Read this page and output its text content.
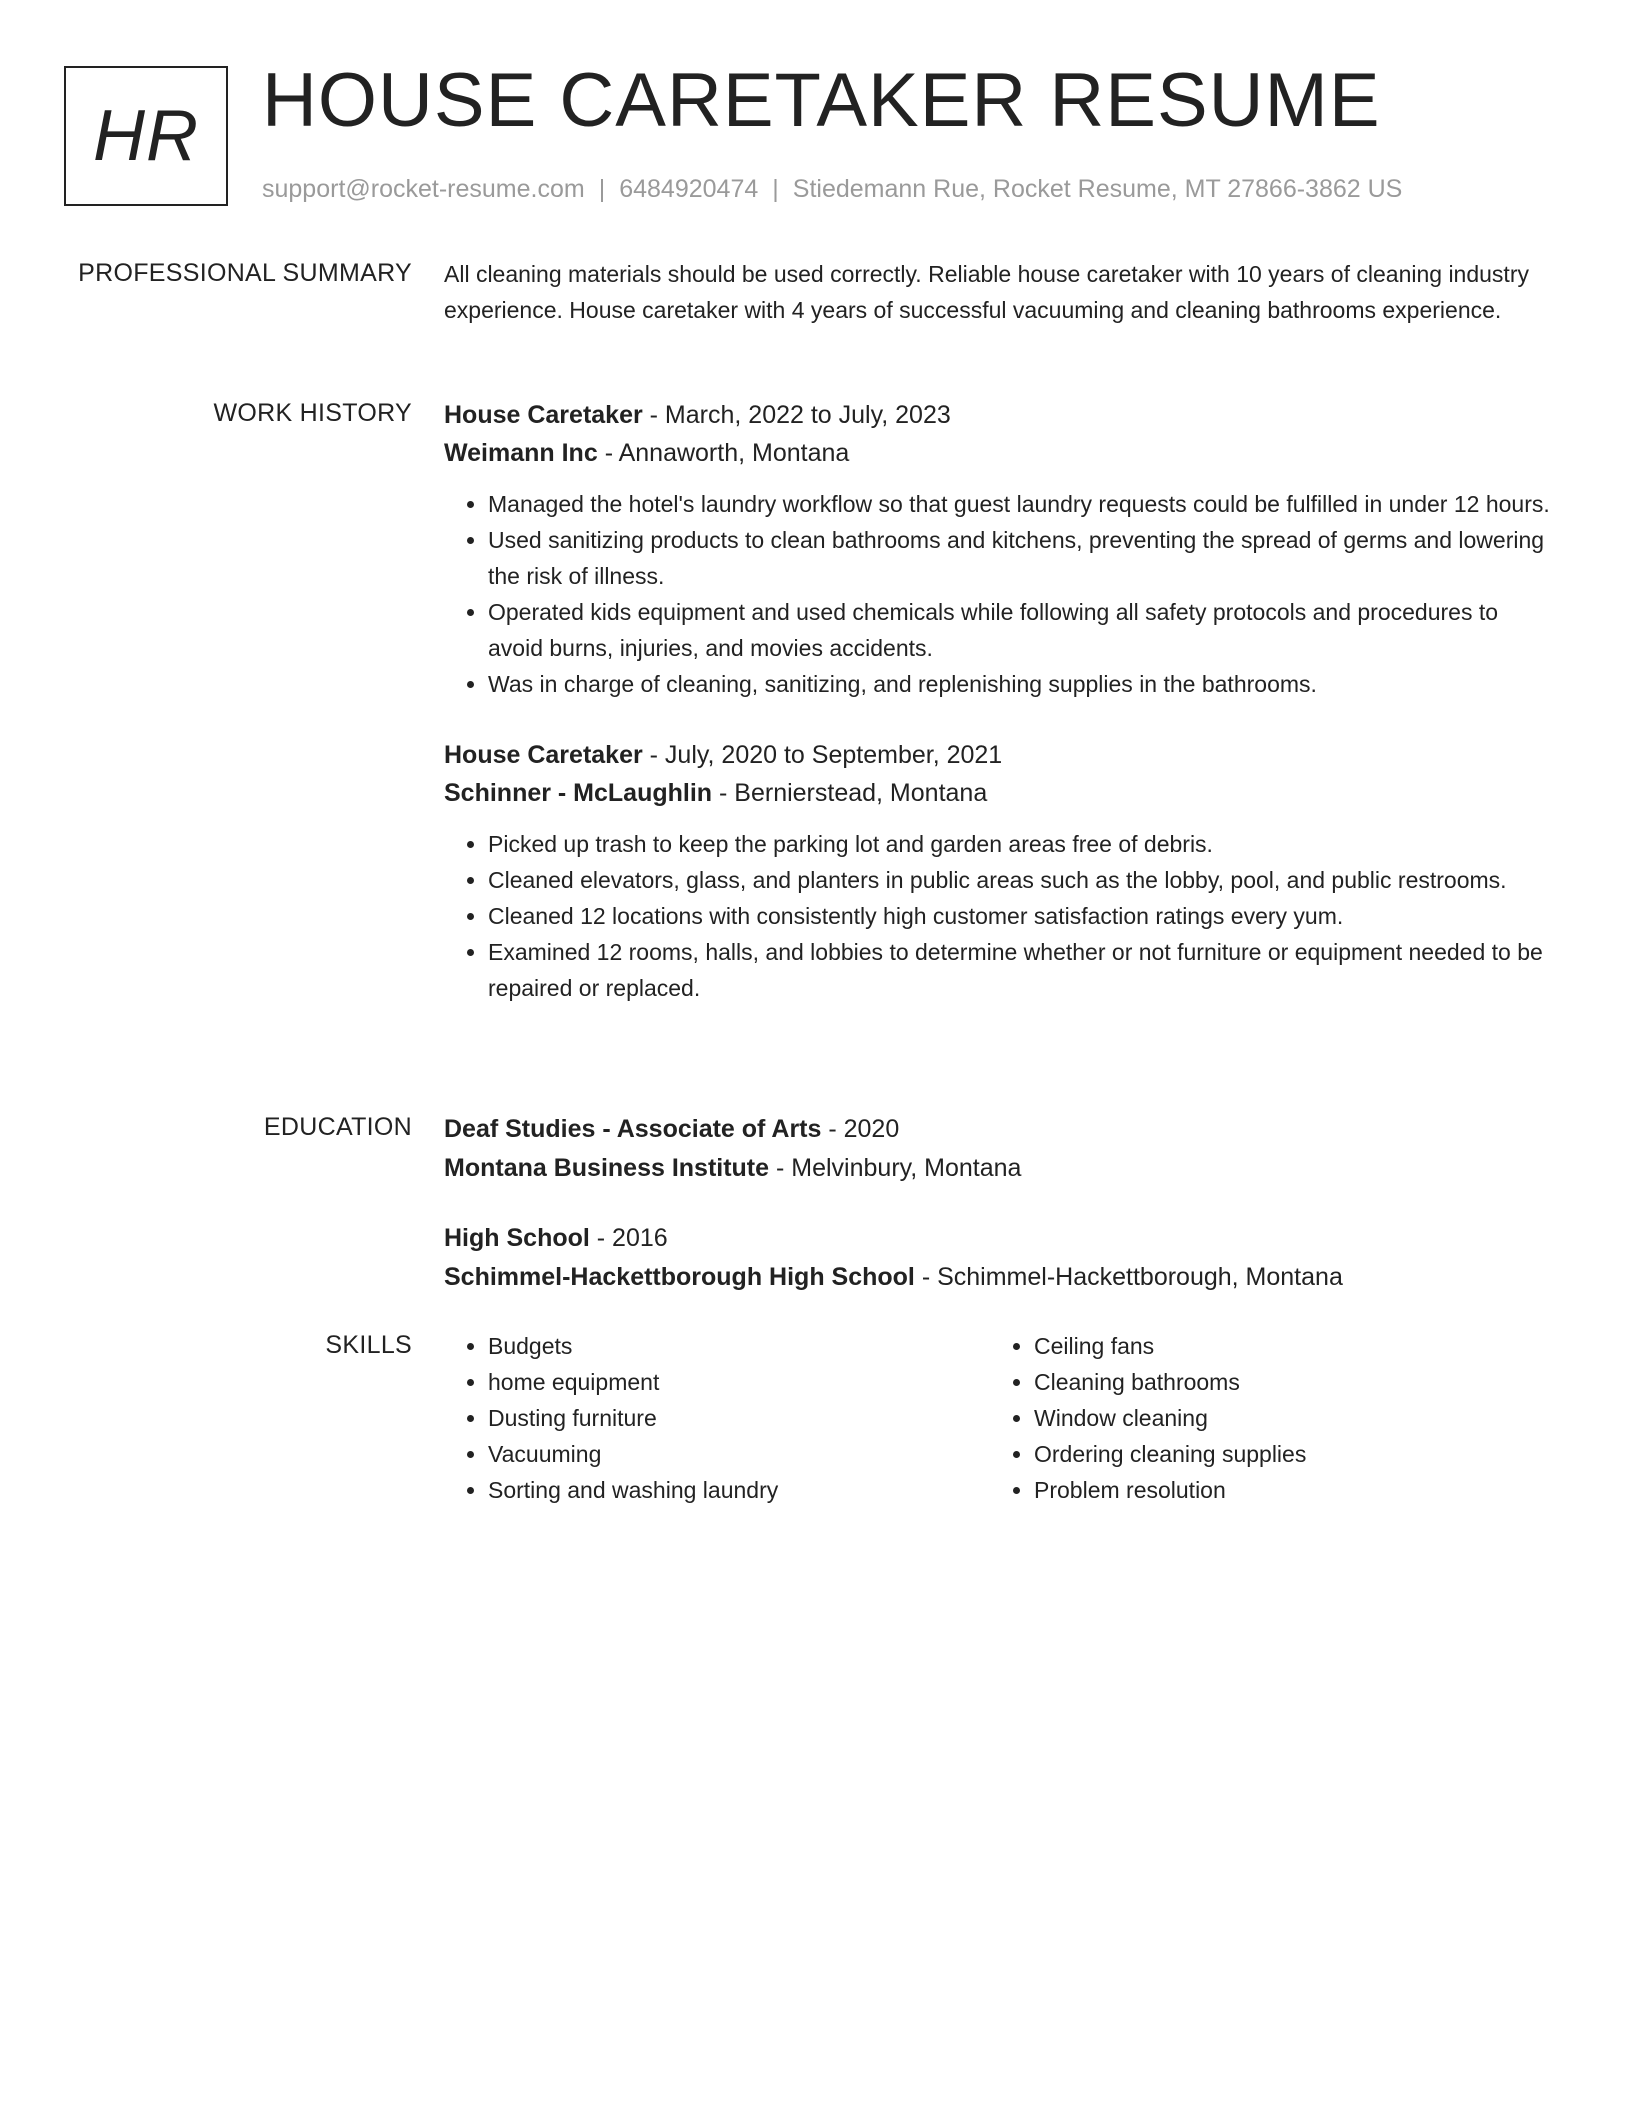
HR HOUSE CARETAKER RESUME
support@rocket-resume.com | 6484920474 | Stiedemann Rue, Rocket Resume, MT 27866-3862 US
PROFESSIONAL SUMMARY All cleaning materials should be used correctly. Reliable house caretaker with 10 years of cleaning industry experience. House caretaker with 4 years of successful vacuuming and cleaning bathrooms experience.

WORK HISTORY House Caretaker - March, 2022 to July, 2023
Weimann Inc - Annaworth, Montana
• Managed the hotel's laundry workflow so that guest laundry requests could be fulfilled in under 12 hours.
• Used sanitizing products to clean bathrooms and kitchens, preventing the spread of germs and lowering the risk of illness.
• Operated kids equipment and used chemicals while following all safety protocols and procedures to avoid burns, injuries, and movies accidents.
• Was in charge of cleaning, sanitizing, and replenishing supplies in the bathrooms.
House Caretaker - July, 2020 to September, 2021
Schinner - McLaughlin - Bernierstead, Montana
• Picked up trash to keep the parking lot and garden areas free of debris.
• Cleaned elevators, glass, and planters in public areas such as the lobby, pool, and public restrooms.
• Cleaned 12 locations with consistently high customer satisfaction ratings every yum.
• Examined 12 rooms, halls, and lobbies to determine whether or not furniture or equipment needed to be repaired or replaced.
EDUCATION Deaf Studies - Associate of Arts - 2020
Montana Business Institute - Melvinbury, Montana
High School - 2016
Schimmel-Hackettborough High School - Schimmel-Hackettborough, Montana
SKILLS
•	Budgets
• home equipment
• Dusting furniture
• Vacuuming
• Sorting and washing laundry
• Ceiling fans
• Cleaning bathrooms
• Window cleaning
• Ordering cleaning supplies
• Problem resolution
